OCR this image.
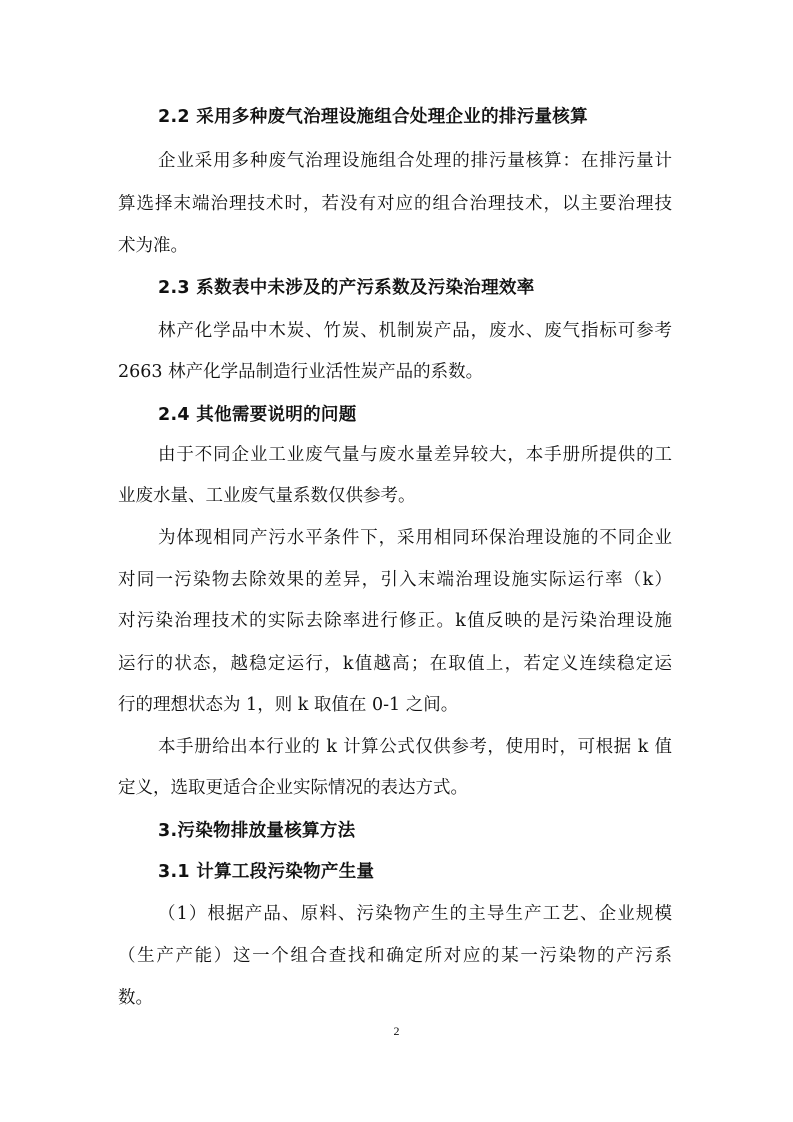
2.2 采用多种废气治理设施组合处理企业的排污量核算
企业采用多种废气治理设施组合处理的排污量核算：在排污量计
算选择末端治理技术时，若没有对应的组合治理技术，以主要治理技
术为准。
2.3 系数表中未涉及的产污系数及污染治理效率
林产化学品中木炭、竹炭、机制炭产品，废水、废气指标可参考
2663 林产化学品制造行业活性炭产品的系数。
2.4 其他需要说明的问题
由于不同企业工业废气量与废水量差异较大，本手册所提供的工
业废水量、工业废气量系数仅供参考。
为体现相同产污水平条件下，采用相同环保治理设施的不同企业
对同一污染物去除效果的差异，引入末端治理设施实际运行率（k）
对污染治理技术的实际去除率进行修正。k值反映的是污染治理设施
运行的状态，越稳定运行，k值越高；在取值上，若定义连续稳定运
行的理想状态为 1，则 k 取值在 0-1 之间。
本手册给出本行业的 k 计算公式仅供参考，使用时，可根据 k 值
定义，选取更适合企业实际情况的表达方式。
3.污染物排放量核算方法
3.1 计算工段污染物产生量
（1）根据产品、原料、污染物产生的主导生产工艺、企业规模
（生产产能）这一个组合查找和确定所对应的某一污染物的产污系
数。
2
